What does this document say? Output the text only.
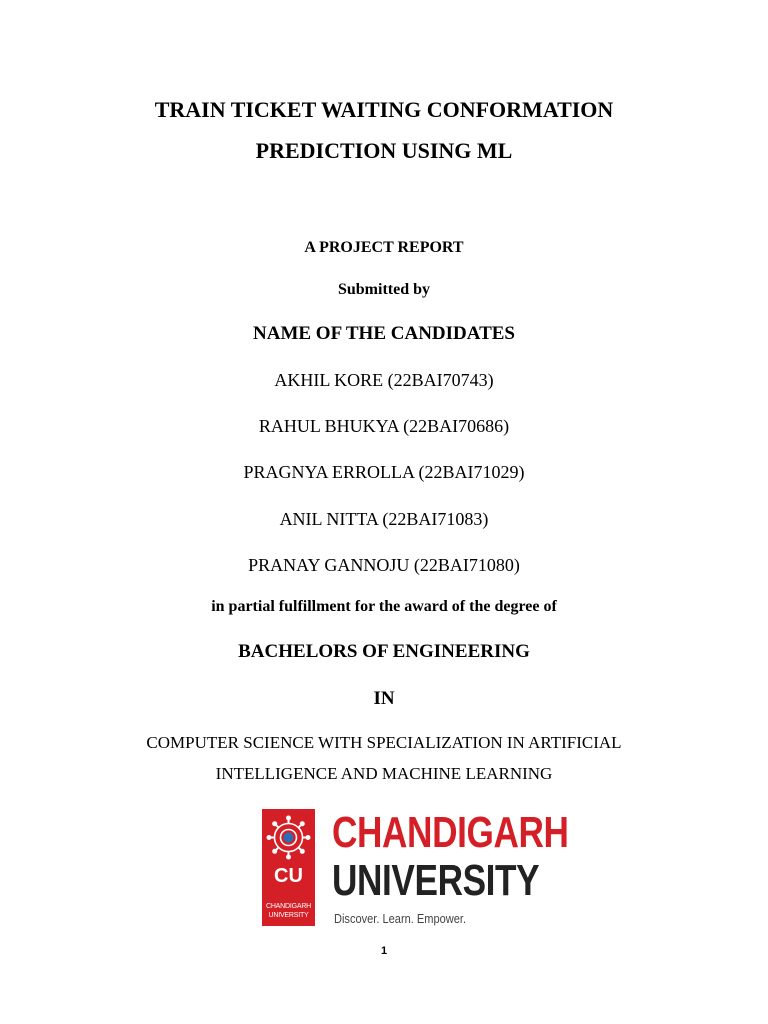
TRAIN TICKET WAITING CONFORMATION
PREDICTION USING ML
A PROJECT REPORT
Submitted by
NAME OF THE CANDIDATES
AKHIL KORE (22BAI70743)
RAHUL BHUKYA (22BAI70686)
PRAGNYA ERROLLA (22BAI71029)
ANIL NITTA (22BAI71083)
PRANAY GANNOJU (22BAI71080)
in partial fulfillment for the award of the degree of
BACHELORS OF ENGINEERING
IN
COMPUTER SCIENCE WITH SPECIALIZATION IN ARTIFICIAL
INTELLIGENCE AND MACHINE LEARNING
CU
CHANDIGARH
UNIVERSITY
CHANDIGARH
UNIVERSITY
Discover. Learn. Empower.
1
